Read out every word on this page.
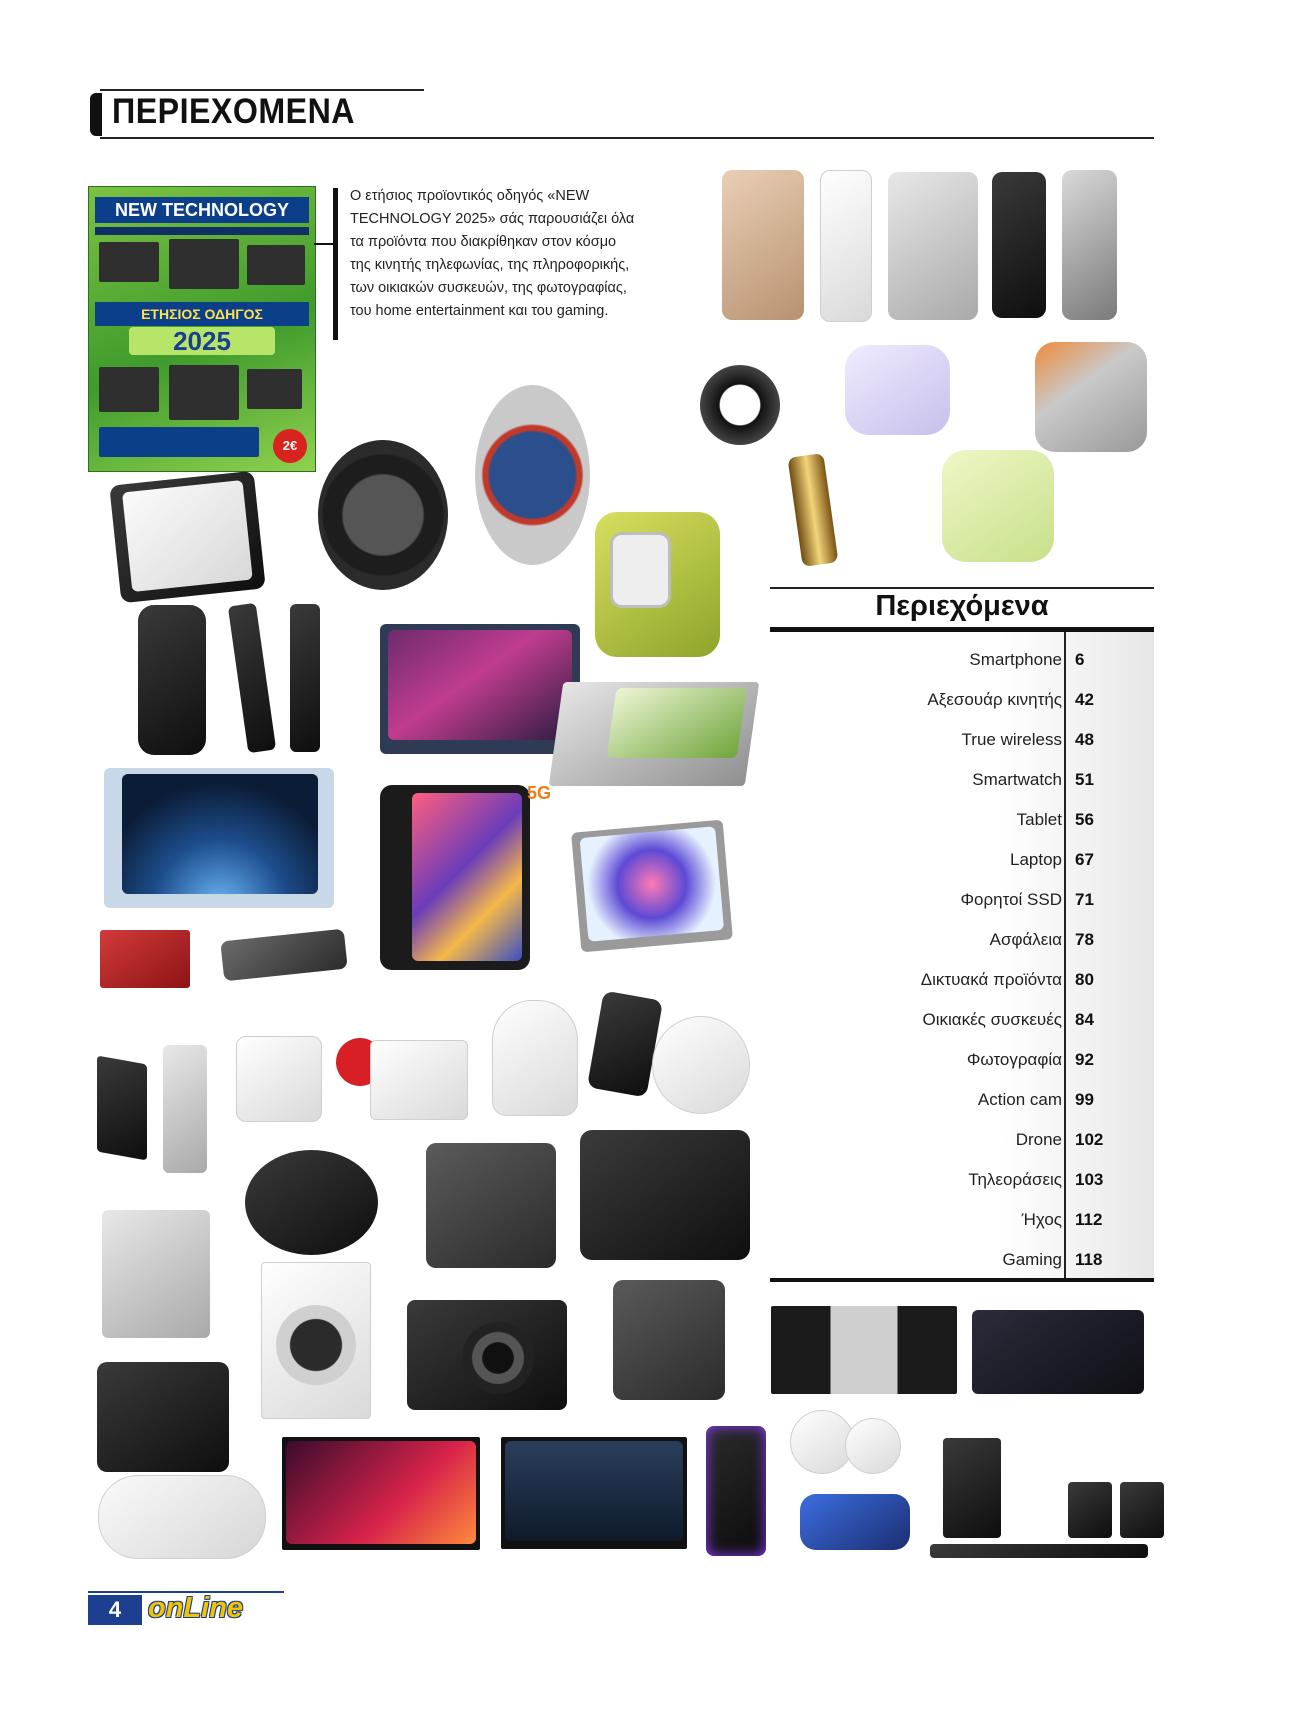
ΠΕΡΙΕΧΟΜΕΝΑ
NEW TECHNOLOGY
ΕΤΗΣΙΟΣ ΟΔΗΓΟΣ
2025
2€
Ο ετήσιος προϊοντικός οδηγός «NEW TECHNOLOGY 2025» σάς παρουσιάζει όλα τα προϊόντα που διακρίθηκαν στον κόσμο της κινητής τηλεφωνίας, της πληροφορικής, των οικιακών συσκευών, της φωτογραφίας, του home entertainment και του gaming.
5G
Περιεχόμενα
Smartphone 6
Αξεσουάρ κινητής 42
True wireless 48
Smartwatch 51
Tablet 56
Laptop 67
Φορητοί SSD 71
Ασφάλεια 78
Δικτυακά προϊόντα 80
Οικιακές συσκευές 84
Φωτογραφία 92
Action cam 99
Drone 102
Τηλεοράσεις 103
Ήχος 112
Gaming 118
4 onLine
